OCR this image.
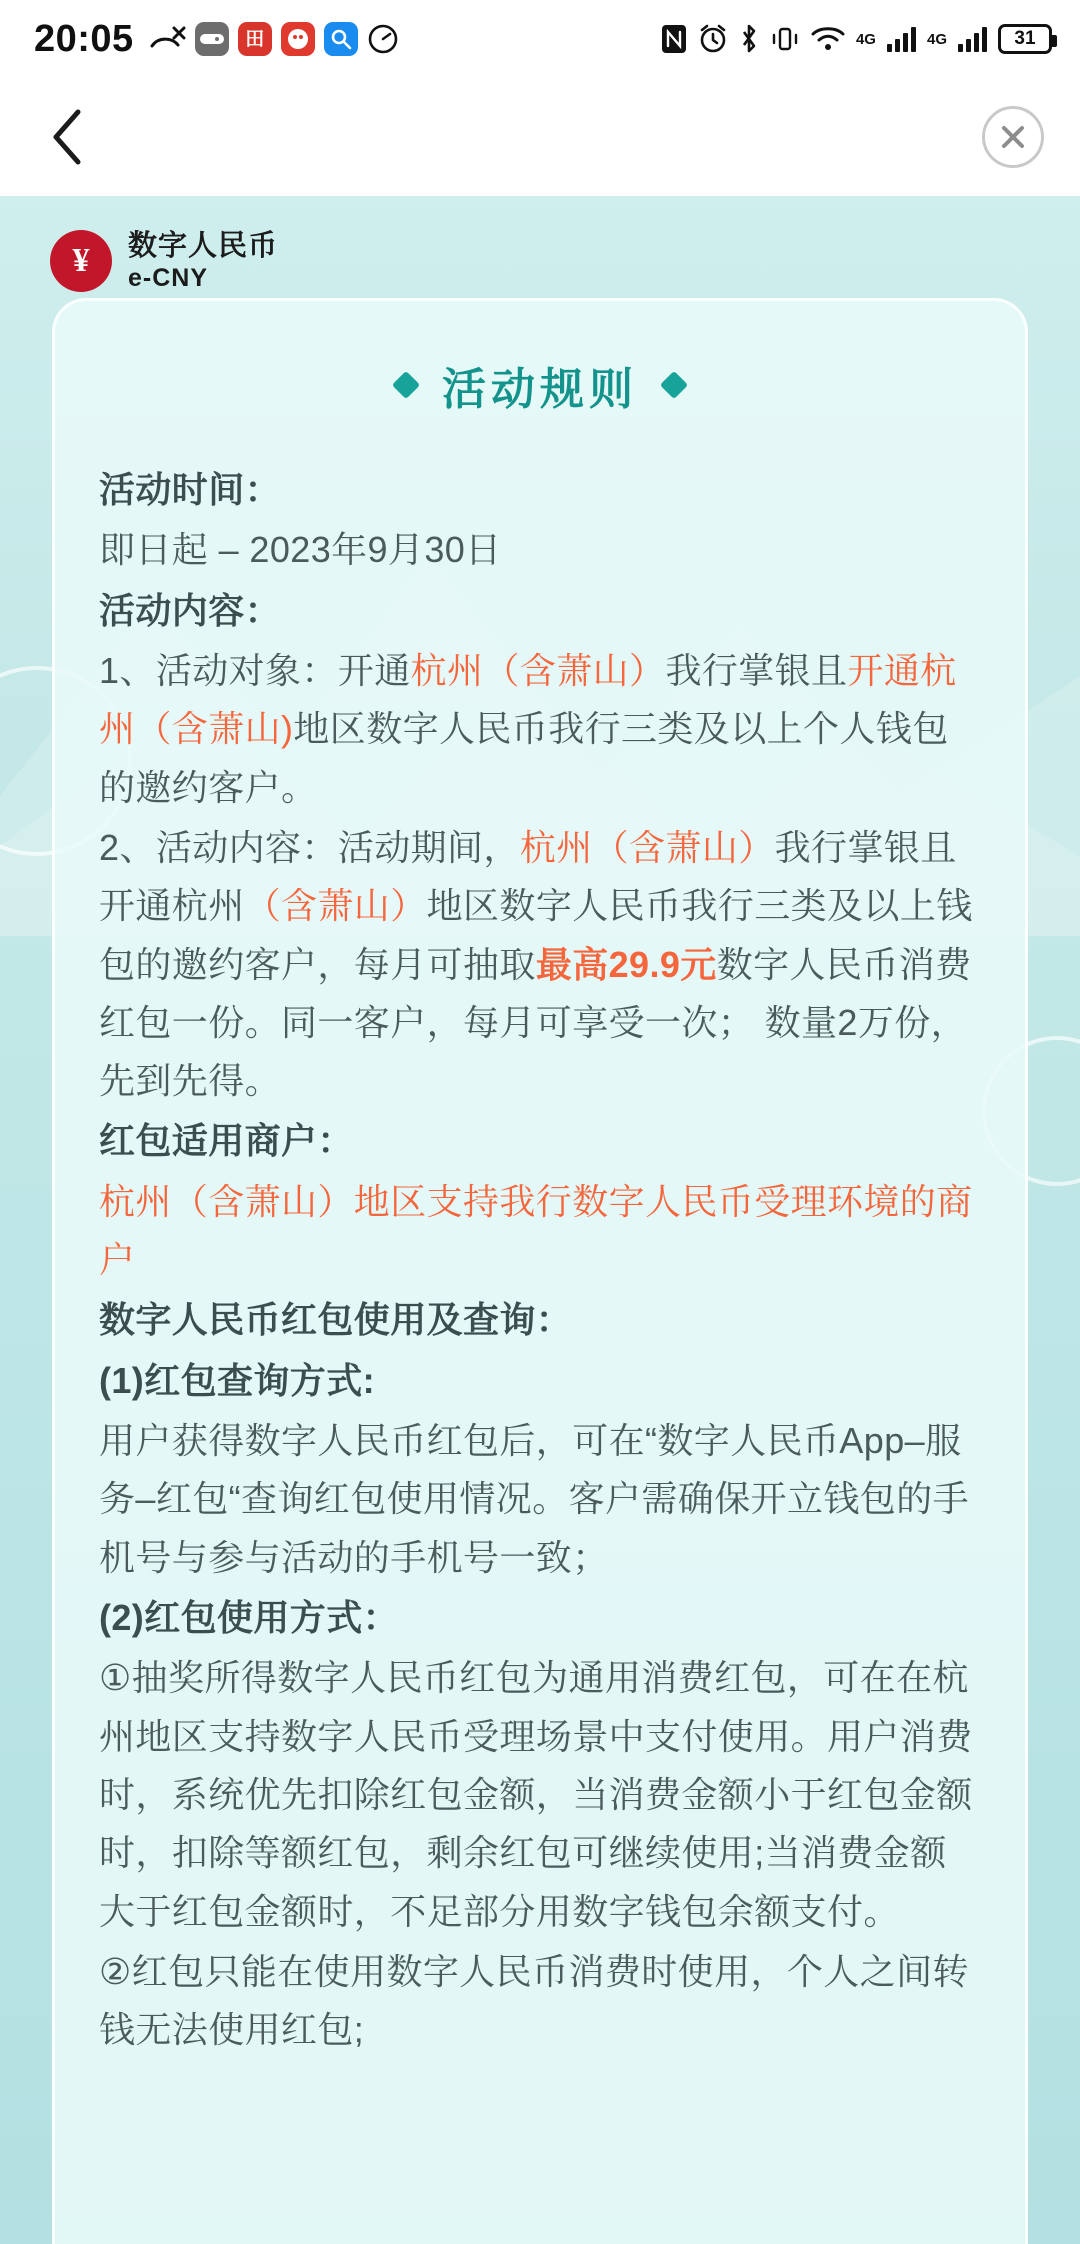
20:05	田	4G	4G	31
¥	数字人民币
e-CNY
活动规则

活动时间：

即日起 – 2023年9月30日

活动内容：

1、活动对象：开通杭州（含萧山）我行掌银且开通杭州（含萧山)地区数字人民币我行三类及以上个人钱包的邀约客户。

2、活动内容：活动期间，杭州（含萧山）我行掌银且开通杭州（含萧山）地区数字人民币我行三类及以上钱包的邀约客户，每月可抽取最高29.9元数字人民币消费红包一份。同一客户，每月可享受一次； 数量2万份，先到先得。

红包适用商户：

杭州（含萧山）地区支持我行数字人民币受理环境的商户

数字人民币红包使用及查询：

(1)红包查询方式:

用户获得数字人民币红包后，可在“数字人民币App–服务–红包“查询红包使用情况。客户需确保开立钱包的手机号与参与活动的手机号一致；

(2)红包使用方式：

①抽奖所得数字人民币红包为通用消费红包，可在在杭州地区支持数字人民币受理场景中支付使用。用户消费时，系统优先扣除红包金额，当消费金额小于红包金额时，扣除等额红包，剩余红包可继续使用;当消费金额大于红包金额时，不足部分用数字钱包余额支付。

②红包只能在使用数字人民币消费时使用，个人之间转钱无法使用红包;
